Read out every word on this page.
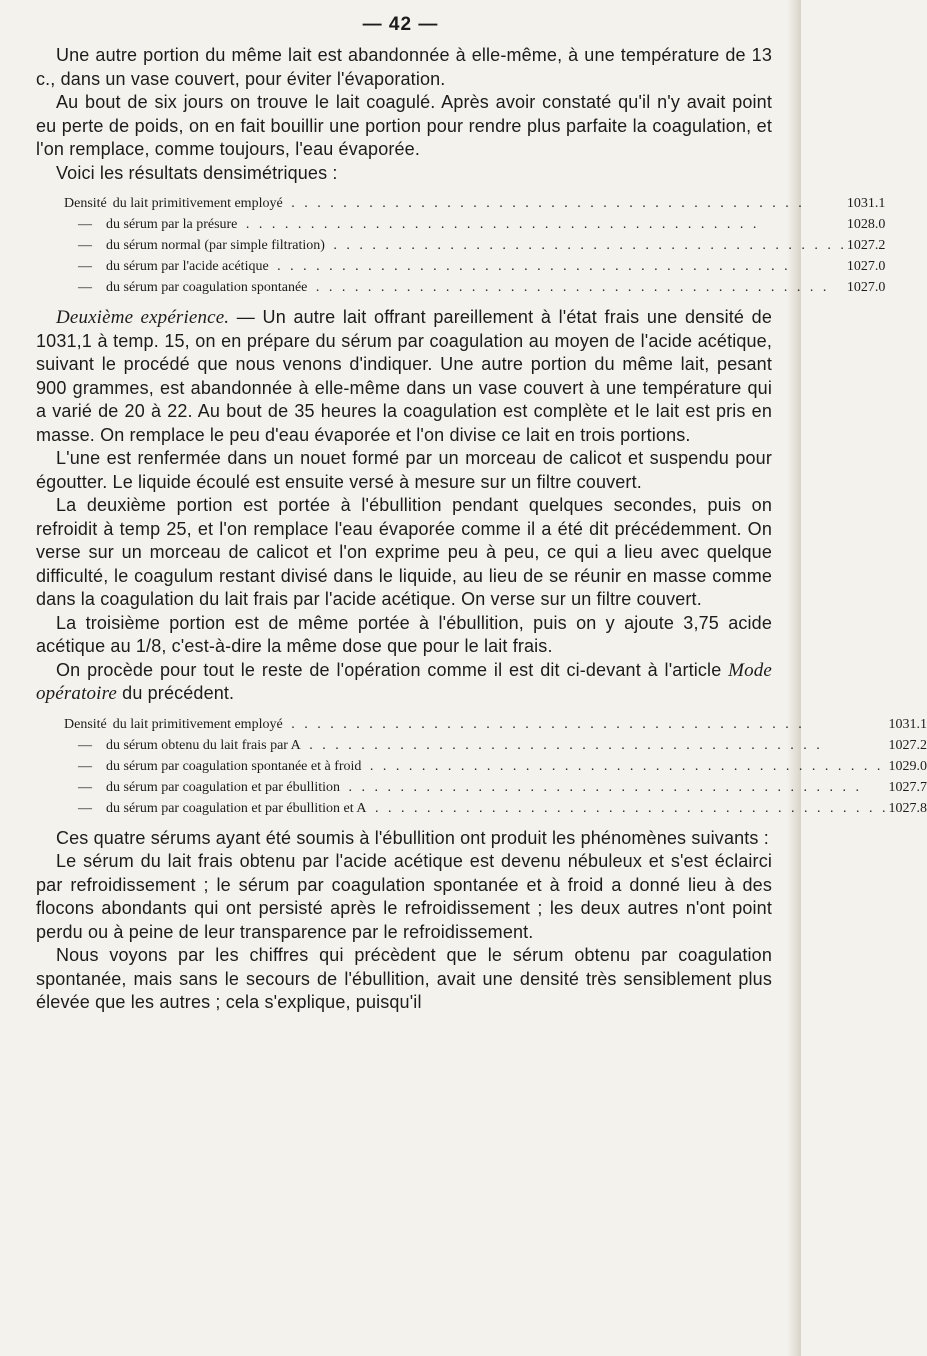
— 42 —

Une autre portion du même lait est abandonnée à elle-même, à une température de 13 c., dans un vase couvert, pour éviter l'évaporation.

Au bout de six jours on trouve le lait coagulé. Après avoir constaté qu'il n'y avait point eu perte de poids, on en fait bouillir une portion pour rendre plus parfaite la coagulation, et l'on remplace, comme toujours, l'eau évaporée.

Voici les résultats densimétriques :

Densité du lait primitivement employé . . . . . . . . . . . . . . . . . . . . . . . . . . . . . . . . . . . . . . . .	1031.1
— du sérum par la présure . . . . . . . . . . . . . . . . . . . . . . . . . . . . . . . . . . . . . . . .	1028.0
— du sérum normal (par simple filtration) . . . . . . . . . . . . . . . . . . . . . . . . . . . . . . . . . . . . . . . .	1027.2
— du sérum par l'acide acétique . . . . . . . . . . . . . . . . . . . . . . . . . . . . . . . . . . . . . . . .	1027.0
— du sérum par coagulation spontanée . . . . . . . . . . . . . . . . . . . . . . . . . . . . . . . . . . . . . . . .	1027.0

Deuxième expérience. — Un autre lait offrant pareillement à l'état frais une densité de 1031,1 à temp. 15, on en prépare du sérum par coagulation au moyen de l'acide acétique, suivant le procédé que nous venons d'indiquer. Une autre portion du même lait, pesant 900 grammes, est abandonnée à elle-même dans un vase couvert à une température qui a varié de 20 à 22. Au bout de 35 heures la coagulation est complète et le lait est pris en masse. On remplace le peu d'eau évaporée et l'on divise ce lait en trois portions.

L'une est renfermée dans un nouet formé par un morceau de calicot et suspendu pour égoutter. Le liquide écoulé est ensuite versé à mesure sur un filtre couvert.

La deuxième portion est portée à l'ébullition pendant quelques secondes, puis on refroidit à temp 25, et l'on remplace l'eau évaporée comme il a été dit précédemment. On verse sur un morceau de calicot et l'on exprime peu à peu, ce qui a lieu avec quelque difficulté, le coagulum restant divisé dans le liquide, au lieu de se réunir en masse comme dans la coagulation du lait frais par l'acide acétique. On verse sur un filtre couvert.

La troisième portion est de même portée à l'ébullition, puis on y ajoute 3,75 acide acétique au 1/8, c'est-à-dire la même dose que pour le lait frais.

On procède pour tout le reste de l'opération comme il est dit ci-devant à l'article Mode opératoire du précédent.

Densité du lait primitivement employé . . . . . . . . . . . . . . . . . . . . . . . . . . . . . . . . . . . . . . . .	1031.1
— du sérum obtenu du lait frais par A . . . . . . . . . . . . . . . . . . . . . . . . . . . . . . . . . . . . . . . .	1027.2
— du sérum par coagulation spontanée et à froid . . . . . . . . . . . . . . . . . . . . . . . . . . . . . . . . . . . . . . . .	1029.0
— du sérum par coagulation et par ébullition . . . . . . . . . . . . . . . . . . . . . . . . . . . . . . . . . . . . . . . .	1027.7
— du sérum par coagulation et par ébullition et A . . . . . . . . . . . . . . . . . . . . . . . . . . . . . . . . . . . . . . . .	1027.8

Ces quatre sérums ayant été soumis à l'ébullition ont produit les phénomènes suivants :

Le sérum du lait frais obtenu par l'acide acétique est devenu nébuleux et s'est éclairci par refroidissement ; le sérum par coagulation spontanée et à froid a donné lieu à des flocons abondants qui ont persisté après le refroidissement ; les deux autres n'ont point perdu ou à peine de leur transparence par le refroidissement.

Nous voyons par les chiffres qui précèdent que le sérum obtenu par coagulation spontanée, mais sans le secours de l'ébullition, avait une densité très sensiblement plus élevée que les autres ; cela s'explique, puisqu'il
